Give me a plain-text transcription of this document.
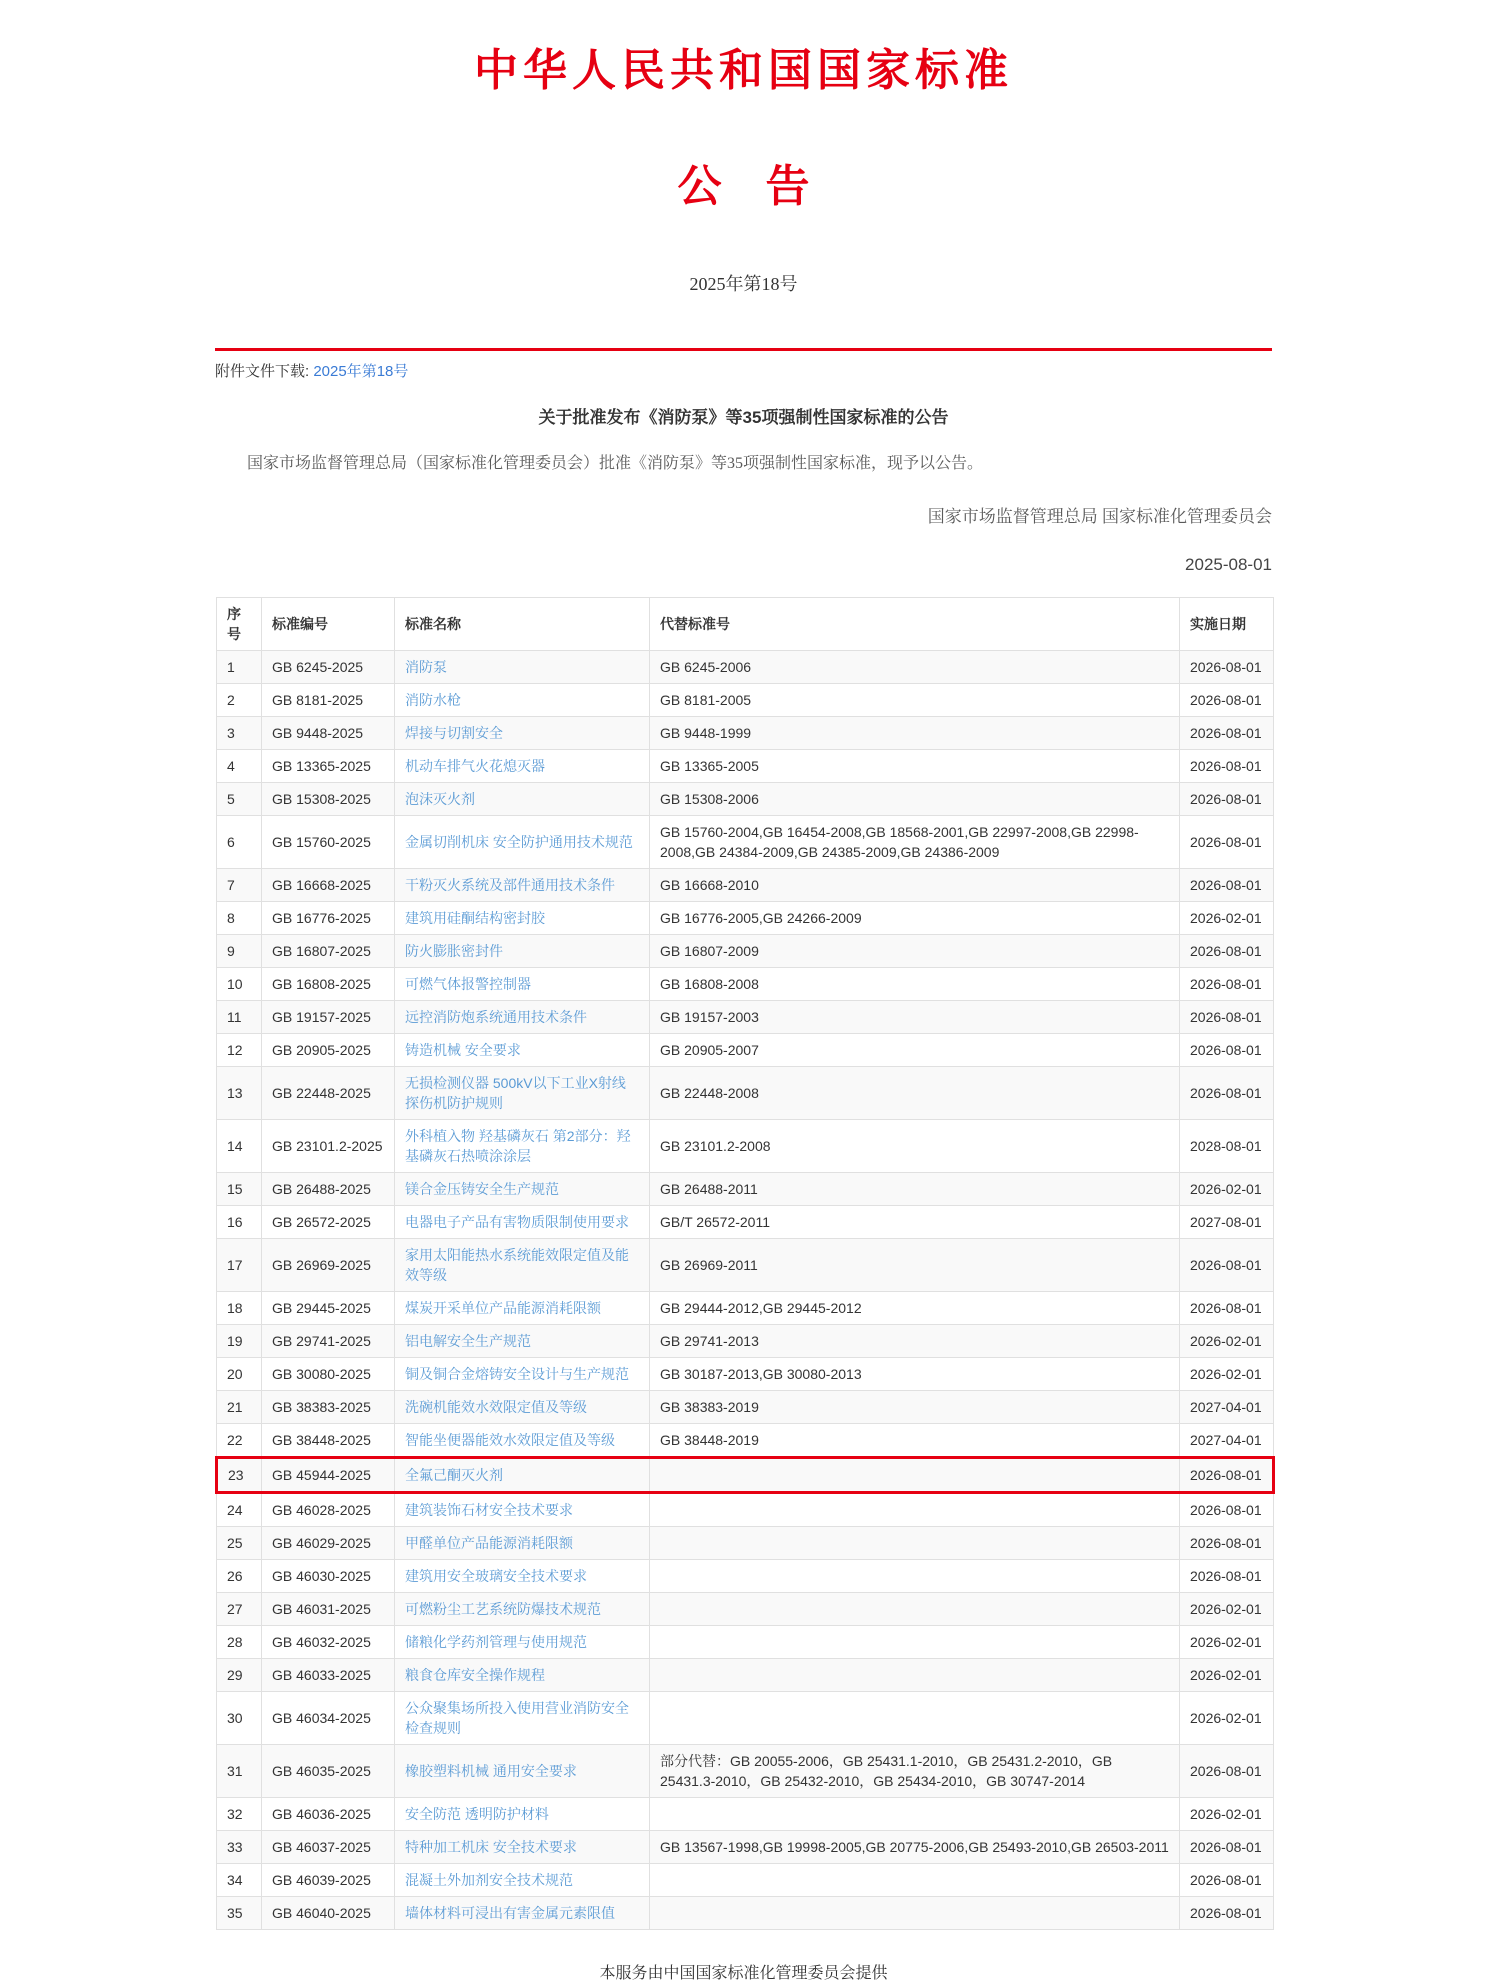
中华人民共和国国家标准
公　告
2025年第18号
附件文件下载: 2025年第18号
关于批准发布《消防泵》等35项强制性国家标准的公告
国家市场监督管理总局（国家标准化管理委员会）批准《消防泵》等35项强制性国家标准，现予以公告。
国家市场监督管理总局 国家标准化管理委员会
2025-08-01
序号	标准编号	标准名称	代替标准号	实施日期
1	GB 6245-2025	消防泵	GB 6245-2006	2026-08-01
2	GB 8181-2025	消防水枪	GB 8181-2005	2026-08-01
3	GB 9448-2025	焊接与切割安全	GB 9448-1999	2026-08-01
4	GB 13365-2025	机动车排气火花熄灭器	GB 13365-2005	2026-08-01
5	GB 15308-2025	泡沫灭火剂	GB 15308-2006	2026-08-01
6	GB 15760-2025	金属切削机床 安全防护通用技术规范	GB 15760-2004,GB 16454-2008,GB 18568-2001,GB 22997-2008,GB 22998-2008,GB 24384-2009,GB 24385-2009,GB 24386-2009	2026-08-01
7	GB 16668-2025	干粉灭火系统及部件通用技术条件	GB 16668-2010	2026-08-01
8	GB 16776-2025	建筑用硅酮结构密封胶	GB 16776-2005,GB 24266-2009	2026-02-01
9	GB 16807-2025	防火膨胀密封件	GB 16807-2009	2026-08-01
10	GB 16808-2025	可燃气体报警控制器	GB 16808-2008	2026-08-01
11	GB 19157-2025	远控消防炮系统通用技术条件	GB 19157-2003	2026-08-01
12	GB 20905-2025	铸造机械 安全要求	GB 20905-2007	2026-08-01
13	GB 22448-2025	无损检测仪器 500kV以下工业X射线探伤机防护规则	GB 22448-2008	2026-08-01
14	GB 23101.2-2025	外科植入物 羟基磷灰石 第2部分：羟基磷灰石热喷涂涂层	GB 23101.2-2008	2028-08-01
15	GB 26488-2025	镁合金压铸安全生产规范	GB 26488-2011	2026-02-01
16	GB 26572-2025	电器电子产品有害物质限制使用要求	GB/T 26572-2011	2027-08-01
17	GB 26969-2025	家用太阳能热水系统能效限定值及能效等级	GB 26969-2011	2026-08-01
18	GB 29445-2025	煤炭开采单位产品能源消耗限额	GB 29444-2012,GB 29445-2012	2026-08-01
19	GB 29741-2025	铝电解安全生产规范	GB 29741-2013	2026-02-01
20	GB 30080-2025	铜及铜合金熔铸安全设计与生产规范	GB 30187-2013,GB 30080-2013	2026-02-01
21	GB 38383-2025	洗碗机能效水效限定值及等级	GB 38383-2019	2027-04-01
22	GB 38448-2025	智能坐便器能效水效限定值及等级	GB 38448-2019	2027-04-01
23	GB 45944-2025	全氟己酮灭火剂		2026-08-01
24	GB 46028-2025	建筑装饰石材安全技术要求		2026-08-01
25	GB 46029-2025	甲醛单位产品能源消耗限额		2026-08-01
26	GB 46030-2025	建筑用安全玻璃安全技术要求		2026-08-01
27	GB 46031-2025	可燃粉尘工艺系统防爆技术规范		2026-02-01
28	GB 46032-2025	储粮化学药剂管理与使用规范		2026-02-01
29	GB 46033-2025	粮食仓库安全操作规程		2026-02-01
30	GB 46034-2025	公众聚集场所投入使用营业消防安全检查规则		2026-02-01
31	GB 46035-2025	橡胶塑料机械 通用安全要求	部分代替：GB 20055-2006，GB 25431.1-2010，GB 25431.2-2010，GB 25431.3-2010，GB 25432-2010，GB 25434-2010，GB 30747-2014	2026-08-01
32	GB 46036-2025	安全防范 透明防护材料		2026-02-01
33	GB 46037-2025	特种加工机床 安全技术要求	GB 13567-1998,GB 19998-2005,GB 20775-2006,GB 25493-2010,GB 26503-2011	2026-08-01
34	GB 46039-2025	混凝土外加剂安全技术规范		2026-08-01
35	GB 46040-2025	墙体材料可浸出有害金属元素限值		2026-08-01
本服务由中国国家标准化管理委员会提供
